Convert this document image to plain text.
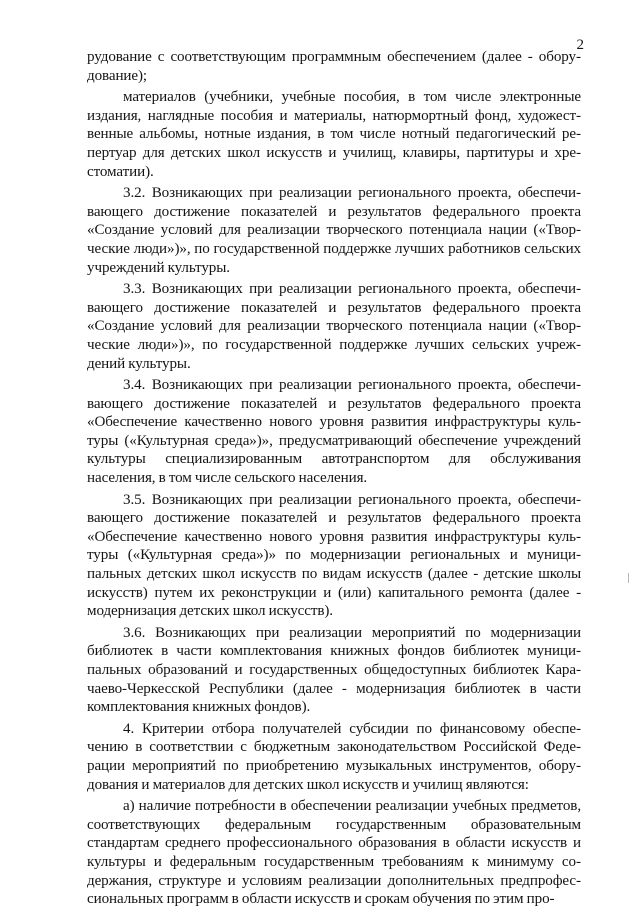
2

рудование с соответствующим программным обеспечением (далее - оборудование);

материалов (учебники, учебные пособия, в том числе электронные издания, наглядные пособия и материалы, натюрмортный фонд, художественные альбомы, нотные издания, в том числе нотный педагогический репертуар для детских школ искусств и училищ, клавиры, партитуры и хрестоматии).

3.2. Возникающих при реализации регионального проекта, обеспечивающего достижение показателей и результатов федерального проекта «Создание условий для реализации творческого потенциала нации («Творческие люди»)», по государственной поддержке лучших работников сельских учреждений культуры.

3.3. Возникающих при реализации регионального проекта, обеспечивающего достижение показателей и результатов федерального проекта «Создание условий для реализации творческого потенциала нации («Творческие люди»)», по государственной поддержке лучших сельских учреждений культуры.

3.4. Возникающих при реализации регионального проекта, обеспечивающего достижение показателей и результатов федерального проекта «Обеспечение качественно нового уровня развития инфраструктуры культуры («Культурная среда»)», предусматривающий обеспечение учреждений культуры специализированным автотранспортом для обслуживания населения, в том числе сельского населения.

3.5. Возникающих при реализации регионального проекта, обеспечивающего достижение показателей и результатов федерального проекта «Обеспечение качественно нового уровня развития инфраструктуры культуры («Культурная среда»)» по модернизации региональных и муниципальных детских школ искусств по видам искусств (далее - детские школы искусств) путем их реконструкции и (или) капитального ремонта (далее - модернизация детских школ искусств).

3.6. Возникающих при реализации мероприятий по модернизации библиотек в части комплектования книжных фондов библиотек муниципальных образований и государственных общедоступных библиотек Карачаево-Черкесской Республики (далее - модернизация библиотек в части комплектования книжных фондов).

4. Критерии отбора получателей субсидии по финансовому обеспечению в соответствии с бюджетным законодательством Российской Федерации мероприятий по приобретению музыкальных инструментов, оборудования и материалов для детских школ искусств и училищ являются:

а) наличие потребности в обеспечении реализации учебных предметов, соответствующих федеральным государственным образовательным стандартам среднего профессионального образования в области искусств и культуры и федеральным государственным требованиям к минимуму содержания, структуре и условиям реализации дополнительных предпрофессиональных программ в области искусств и срокам обучения по этим про-
